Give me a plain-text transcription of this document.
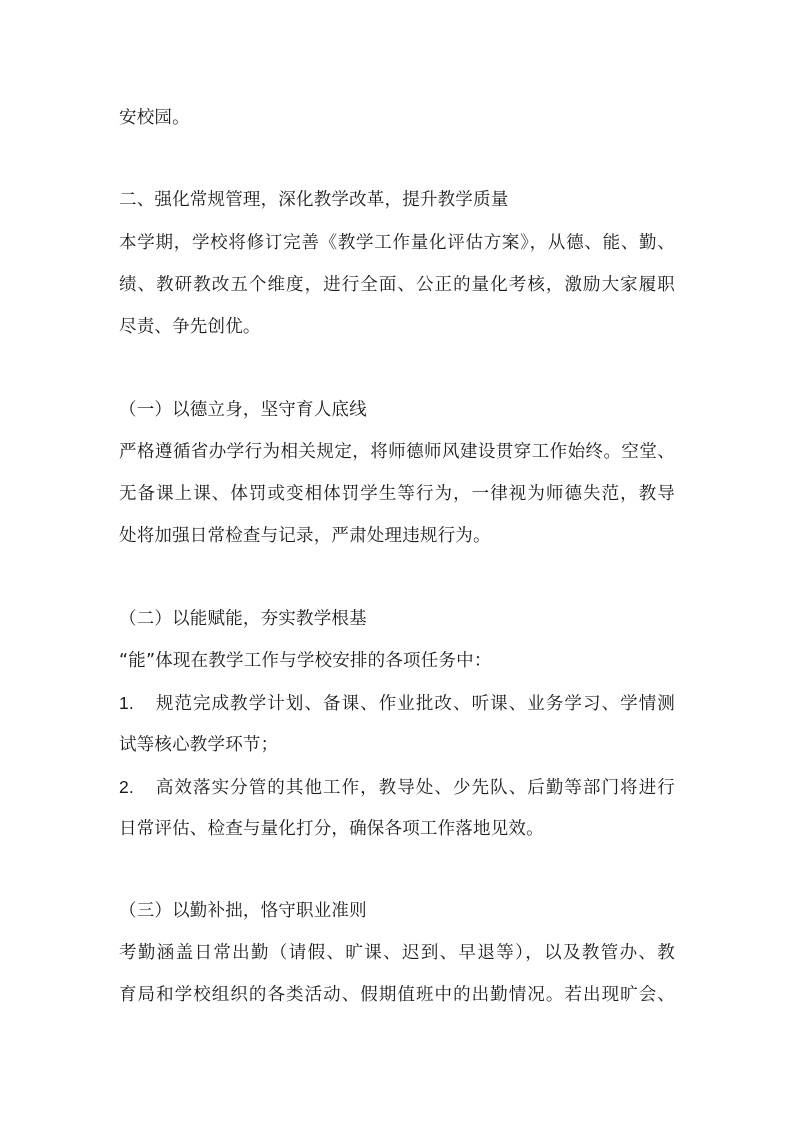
安校园。
二、强化常规管理，深化教学改革，提升教学质量
本学期，学校将修订完善《教学工作量化评估方案》，从德、能、勤、
绩、教研教改五个维度，进行全面、公正的量化考核，激励大家履职
尽责、争先创优。
（一）以德立身，坚守育人底线
严格遵循省办学行为相关规定，将师德师风建设贯穿工作始终。空堂、
无备课上课、体罚或变相体罚学生等行为，一律视为师德失范，教导
处将加强日常检查与记录，严肃处理违规行为。
（二）以能赋能，夯实教学根基
“能”体现在教学工作与学校安排的各项任务中：
1. 规范完成教学计划、备课、作业批改、听课、业务学习、学情测
试等核心教学环节；
2. 高效落实分管的其他工作，教导处、少先队、后勤等部门将进行
日常评估、检查与量化打分，确保各项工作落地见效。
（三）以勤补拙，恪守职业准则
考勤涵盖日常出勤（请假、旷课、迟到、早退等），以及教管办、教
育局和学校组织的各类活动、假期值班中的出勤情况。若出现旷会、
